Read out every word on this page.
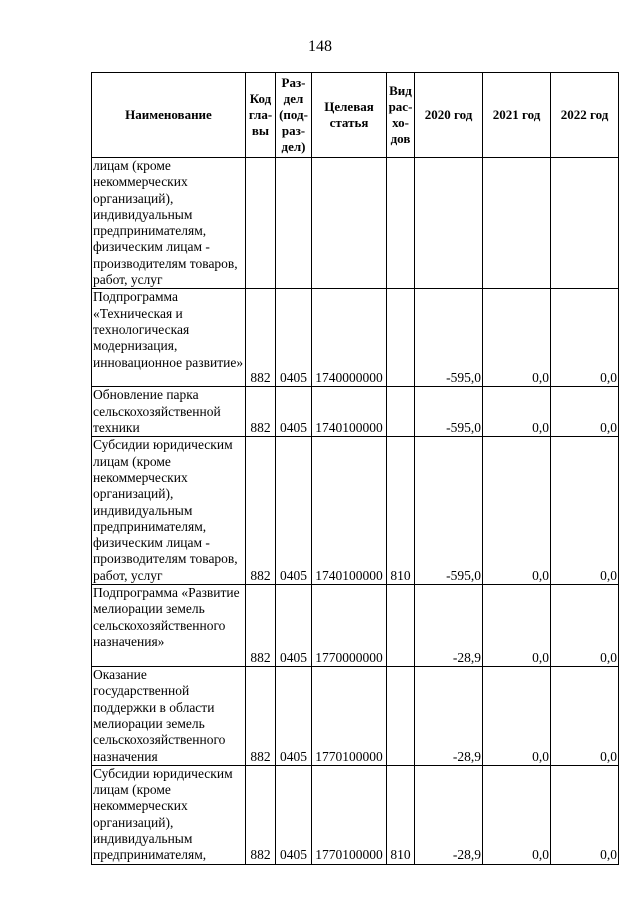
148
Наименование	Код гла- вы	Раз- дел (под- раз- дел)	Целевая статья	Вид рас- хо- дов	2020 год	2021 год	2022 год
лицам (кроме некоммерческих организаций), индивидуальным предпринимателям, физическим лицам - производителям товаров, работ, услуг							
Подпрограмма «Техническая и технологическая модернизация, инновационное развитие»	882	0405	1740000000		-595,0	0,0	0,0
Обновление парка сельскохозяйственной техники	882	0405	1740100000		-595,0	0,0	0,0
Субсидии юридическим лицам (кроме некоммерческих организаций), индивидуальным предпринимателям, физическим лицам - производителям товаров, работ, услуг	882	0405	1740100000	810	-595,0	0,0	0,0
Подпрограмма «Развитие мелиорации земель сельскохозяйственного назначения»	882	0405	1770000000		-28,9	0,0	0,0
Оказание государственной поддержки в области мелиорации земель сельскохозяйственного назначения	882	0405	1770100000		-28,9	0,0	0,0
Субсидии юридическим лицам (кроме некоммерческих организаций), индивидуальным предпринимателям,	882	0405	1770100000	810	-28,9	0,0	0,0
